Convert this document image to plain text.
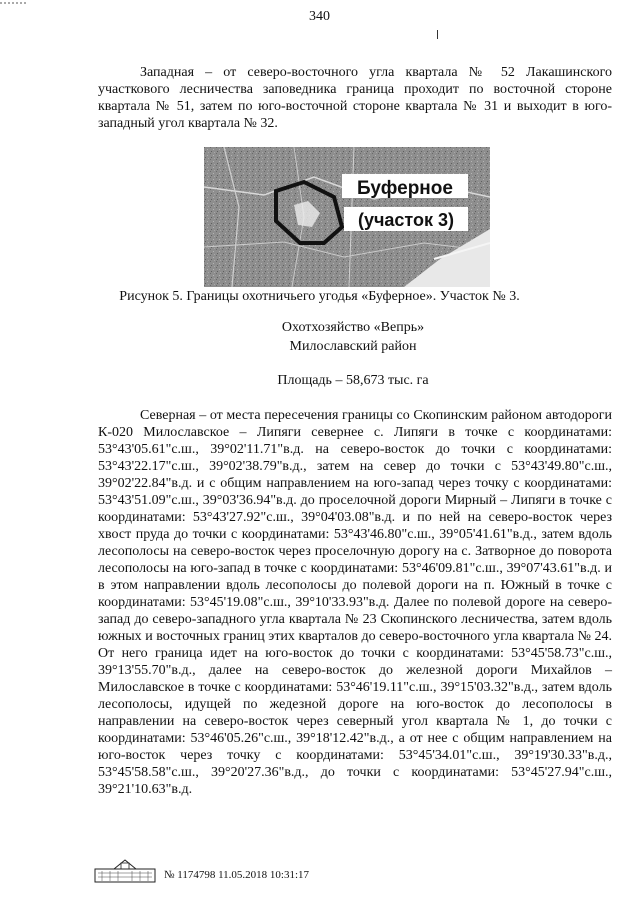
340

Западная – от северо-восточного угла квартала № 52 Лакашинского участкового лесничества заповедника граница проходит по восточной стороне квартала № 51, затем по юго-восточной стороне квартала № 31 и выходит в юго-западный угол квартала № 32.

Буферное
(участок 3)
Рисунок 5. Границы охотничьего угодья «Буферное». Участок № 3.
Охотхозяйство «Вепрь»
Милославский район
Площадь – 58,673 тыс. га

Северная – от места пересечения границы со Скопинским районом автодороги К-020 Милославское – Липяги севернее с. Липяги в точке с координатами: 53°43'05.61"с.ш., 39°02'11.71"в.д. на северо-восток до точки с координатами: 53°43'22.17"с.ш., 39°02'38.79"в.д., затем на север до точки с 53°43'49.80"с.ш., 39°02'22.84"в.д. и с общим направлением на юго-запад через точку с координатами: 53°43'51.09"с.ш., 39°03'36.94"в.д. до проселочной дороги Мирный – Липяги в точке с координатами: 53°43'27.92"с.ш., 39°04'03.08"в.д. и по ней на северо-восток через хвост пруда до точки с координатами: 53°43'46.80"с.ш., 39°05'41.61"в.д., затем вдоль лесополосы на северо-восток через проселочную дорогу на с. Затворное до поворота лесополосы на юго-запад в точке с координатами: 53°46'09.81"с.ш., 39°07'43.61"в.д. и в этом направлении вдоль лесополосы до полевой дороги на п. Южный в точке с координатами: 53°45'19.08"с.ш., 39°10'33.93"в.д. Далее по полевой дороге на северо-запад до северо-западного угла квартала № 23 Скопинского лесничества, затем вдоль южных и восточных границ этих кварталов до северо-восточного угла квартала № 24. От него граница идет на юго-восток до точки с координатами: 53°45'58.73"с.ш., 39°13'55.70"в.д., далее на северо-восток до железной дороги Михайлов – Милославское в точке с координатами: 53°46'19.11"с.ш., 39°15'03.32"в.д., затем вдоль лесополосы, идущей по жедезной дороге на юго-восток до лесополосы в направлении на северо-восток через северный угол квартала № 1, до точки с координатами: 53°46'05.26"с.ш., 39°18'12.42"в.д., а от нее с общим направлением на юго-восток через точку с координатами: 53°45'34.01"с.ш., 39°19'30.33"в.д., 53°45'58.58"с.ш., 39°20'27.36"в.д., до точки с координатами: 53°45'27.94"с.ш., 39°21'10.63"в.д.

№ 1174798 11.05.2018 10:31:17
